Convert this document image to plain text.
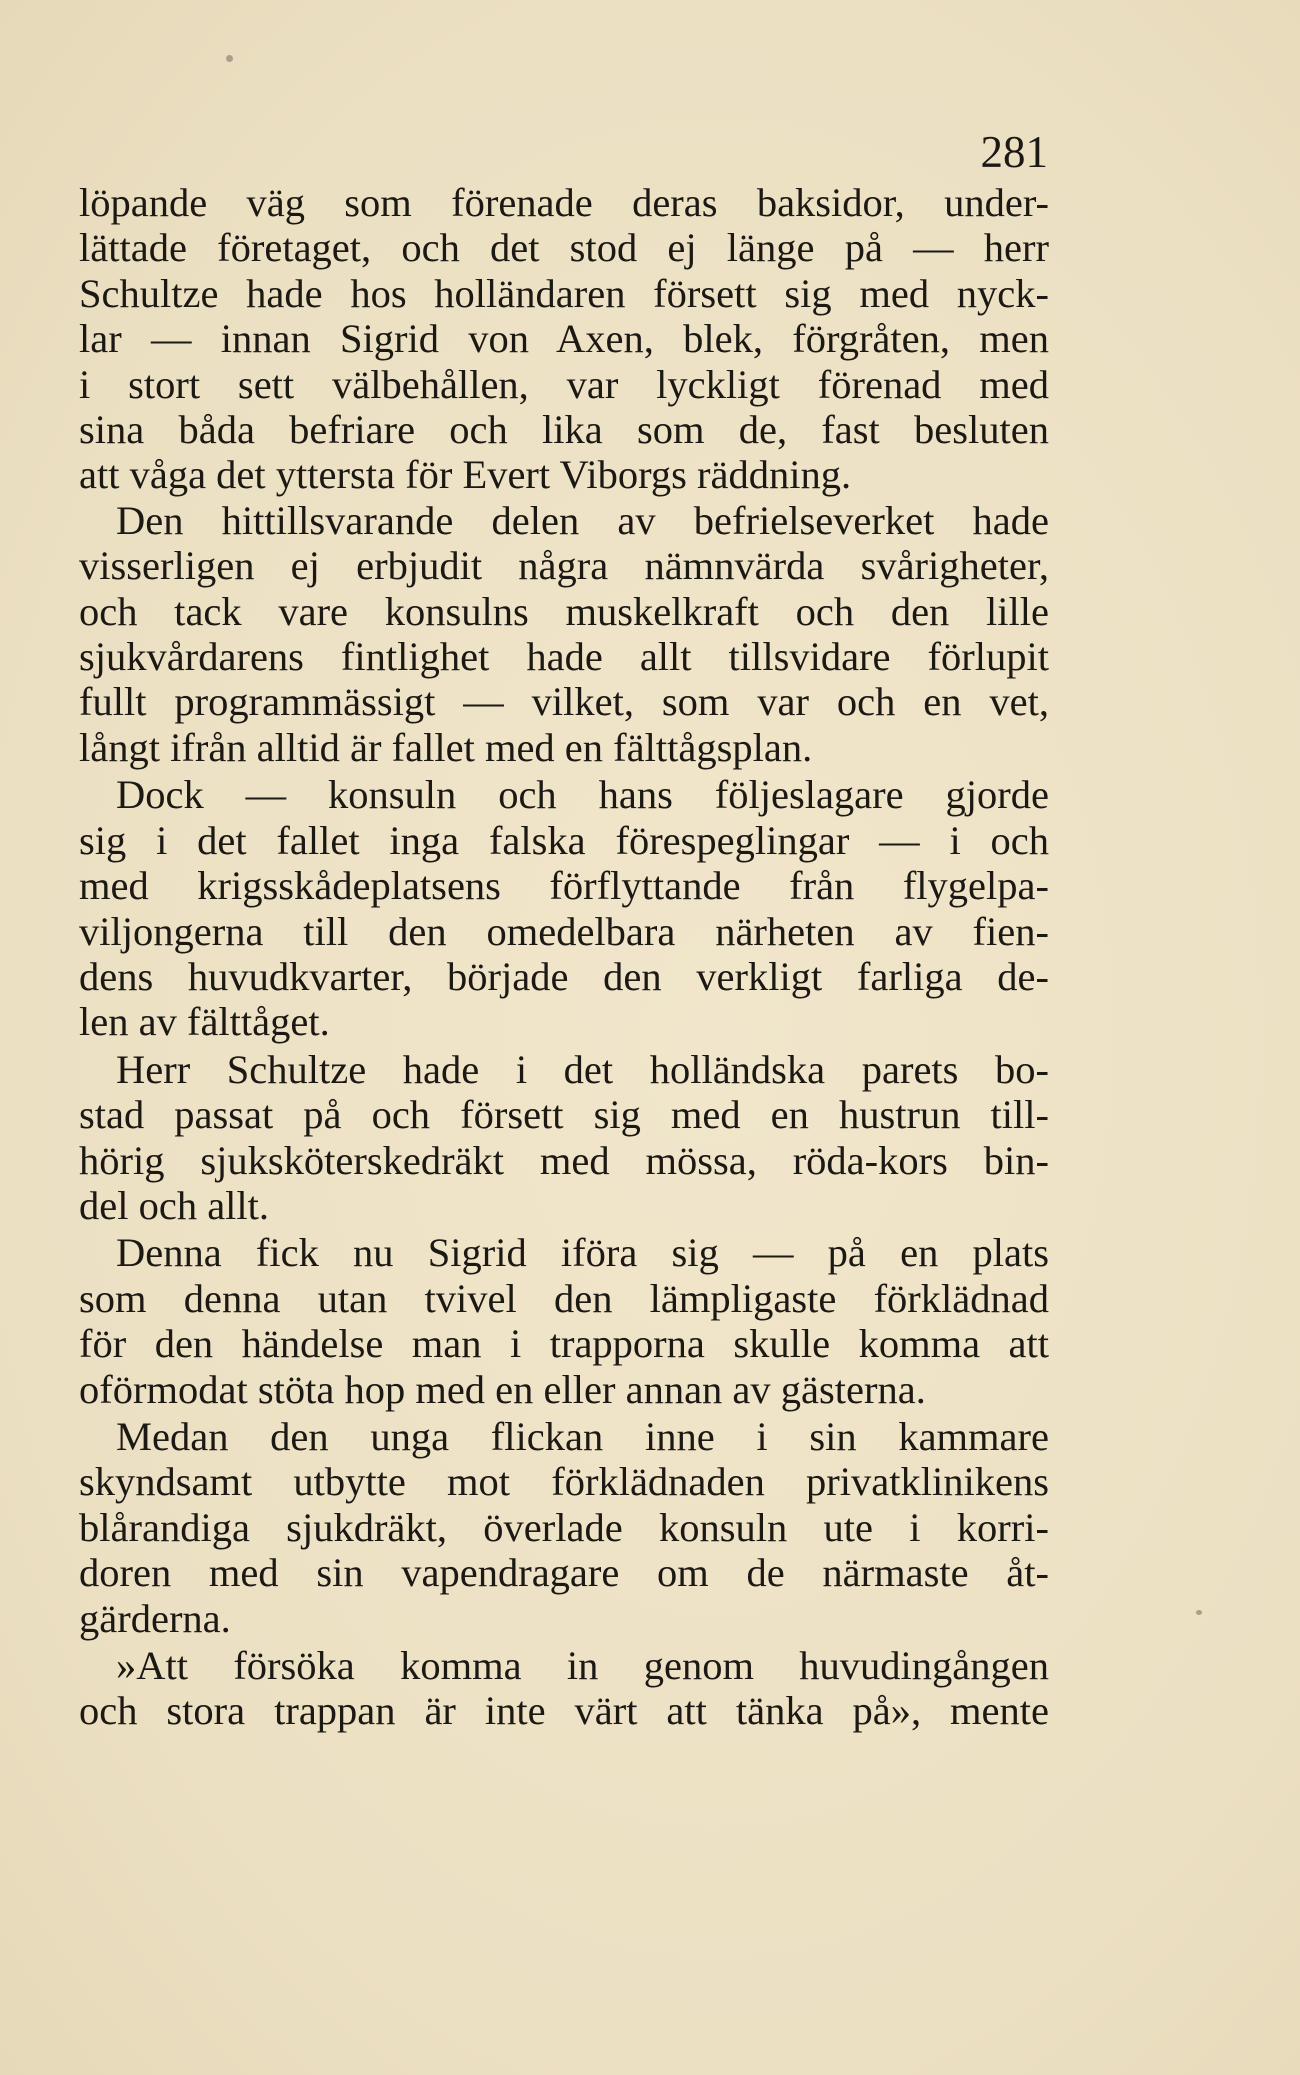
281
löpande väg som förenade deras baksidor, under-
lättade företaget, och det stod ej länge på — herr
Schultze hade hos holländaren försett sig med nyck-
lar — innan Sigrid von Axen, blek, förgråten, men
i stort sett välbehållen, var lyckligt förenad med
sina båda befriare och lika som de, fast besluten
att våga det yttersta för Evert Viborgs räddning.
Den hittillsvarande delen av befrielseverket hade
visserligen ej erbjudit några nämnvärda svårigheter,
och tack vare konsulns muskelkraft och den lille
sjukvårdarens fintlighet hade allt tillsvidare förlupit
fullt programmässigt — vilket, som var och en vet,
långt ifrån alltid är fallet med en fälttågsplan.
Dock — konsuln och hans följeslagare gjorde
sig i det fallet inga falska förespeglingar — i och
med krigsskådeplatsens förflyttande från flygelpa-
viljongerna till den omedelbara närheten av fien-
dens huvudkvarter, började den verkligt farliga de-
len av fälttåget.
Herr Schultze hade i det holländska parets bo-
stad passat på och försett sig med en hustrun till-
hörig sjuksköterskedräkt med mössa, röda-kors bin-
del och allt.
Denna fick nu Sigrid iföra sig — på en plats
som denna utan tvivel den lämpligaste förklädnad
för den händelse man i trapporna skulle komma att
oförmodat stöta hop med en eller annan av gästerna.
Medan den unga flickan inne i sin kammare
skyndsamt utbytte mot förklädnaden privatklinikens
blårandiga sjukdräkt, överlade konsuln ute i korri-
doren med sin vapendragare om de närmaste åt-
gärderna.
»Att försöka komma in genom huvudingången
och stora trappan är inte värt att tänka på», mente
